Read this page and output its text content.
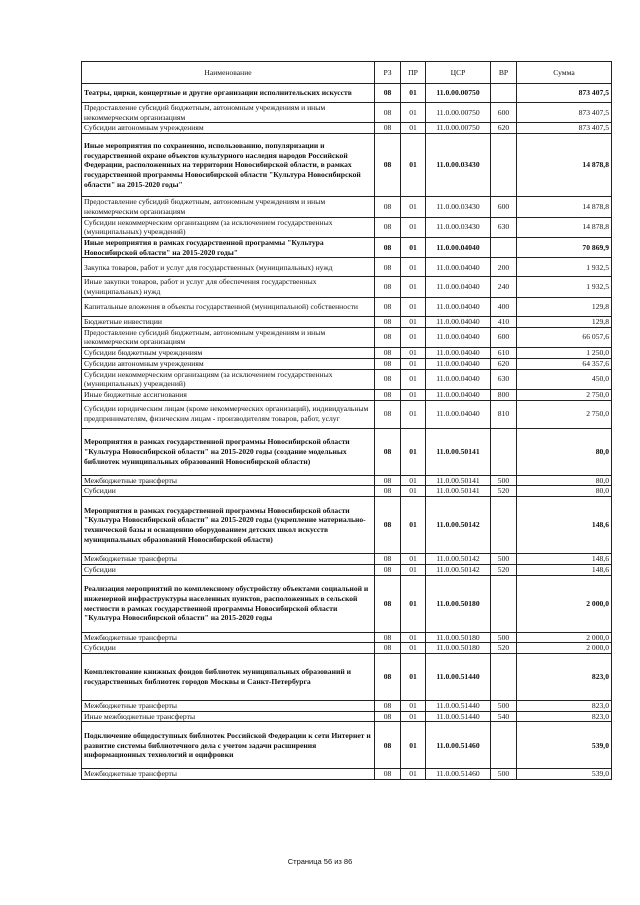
Наименование	РЗ	ПР	ЦСР	ВР	Сумма
Театры, цирки, концертные и другие организации исполнительских искусств	08	01	11.0.00.00750		873 407,5
Предоставление субсидий бюджетным, автономным учреждениям и иным некоммерческим организациям	08	01	11.0.00.00750	600	873 407,5
Субсидии автономным учреждениям	08	01	11.0.00.00750	620	873 407,5
Иные мероприятия по сохранению, использованию, популяризации и государственной охране объектов культурного наследия народов Российской Федерации, расположенных на территории Новосибирской области, в рамках государственной программы Новосибирской области "Культура Новосибирской области" на 2015-2020 годы"	08	01	11.0.00.03430		14 878,8
Предоставление субсидий бюджетным, автономным учреждениям и иным некоммерческим организациям	08	01	11.0.00.03430	600	14 878,8
Субсидии некоммерческим организациям (за исключением государственных (муниципальных) учреждений)	08	01	11.0.00.03430	630	14 878,8
Иные мероприятия в рамках государственной программы "Культура Новосибирской области" на 2015-2020 годы"	08	01	11.0.00.04040		70 869,9
Закупка товаров, работ и услуг для государственных (муниципальных) нужд	08	01	11.0.00.04040	200	1 932,5
Иные закупки товаров, работ и услуг для обеспечения государственных (муниципальных) нужд	08	01	11.0.00.04040	240	1 932,5
Капитальные вложения в объекты государственной (муниципальной) собственности	08	01	11.0.00.04040	400	129,8
Бюджетные инвестиции	08	01	11.0.00.04040	410	129,8
Предоставление субсидий бюджетным, автономным учреждениям и иным некоммерческим организациям	08	01	11.0.00.04040	600	66 057,6
Субсидии бюджетным учреждениям	08	01	11.0.00.04040	610	1 250,0
Субсидии автономным учреждениям	08	01	11.0.00.04040	620	64 357,6
Субсидии некоммерческим организациям (за исключением государственных (муниципальных) учреждений)	08	01	11.0.00.04040	630	450,0
Иные бюджетные ассигнования	08	01	11.0.00.04040	800	2 750,0
Субсидии юридическим лицам (кроме некоммерческих организаций), индивидуальным предпринимателям, физическим лицам - производителям товаров, работ, услуг	08	01	11.0.00.04040	810	2 750,0
Мероприятия в рамках государственной программы Новосибирской области "Культура Новосибирской области" на 2015-2020 годы (создание модельных библиотек муниципальных образований Новосибирской области)	08	01	11.0.00.50141		80,0
Межбюджетные трансферты	08	01	11.0.00.50141	500	80,0
Субсидии	08	01	11.0.00.50141	520	80,0
Мероприятия в рамках государственной программы Новосибирской области "Культура Новосибирской области" на 2015-2020 годы (укрепление материально-технической базы и оснащению оборудованием детских школ искусств муниципальных образований Новосибирской области)	08	01	11.0.00.50142		148,6
Межбюджетные трансферты	08	01	11.0.00.50142	500	148,6
Субсидии	08	01	11.0.00.50142	520	148,6
Реализация мероприятий по комплексному обустройству объектами социальной и инженерной инфраструктуры населенных пунктов, расположенных в сельской местности в рамках государственной программы Новосибирской области "Культура Новосибирской области" на 2015-2020 годы	08	01	11.0.00.50180		2 000,0
Межбюджетные трансферты	08	01	11.0.00.50180	500	2 000,0
Субсидии	08	01	11.0.00.50180	520	2 000,0
Комплектование книжных фондов библиотек муниципальных образований и государственных библиотек городов Москвы и Санкт-Петербурга	08	01	11.0.00.51440		823,0
Межбюджетные трансферты	08	01	11.0.00.51440	500	823,0
Иные межбюджетные трансферты	08	01	11.0.00.51440	540	823,0
Подключение общедоступных библиотек Российской Федерации к сети Интернет и развитие системы библиотечного дела с учетом задачи расширения информационных технологий и оцифровки	08	01	11.0.00.51460		539,0
Межбюджетные трансферты	08	01	11.0.00.51460	500	539,0
Страница 56 из 86
